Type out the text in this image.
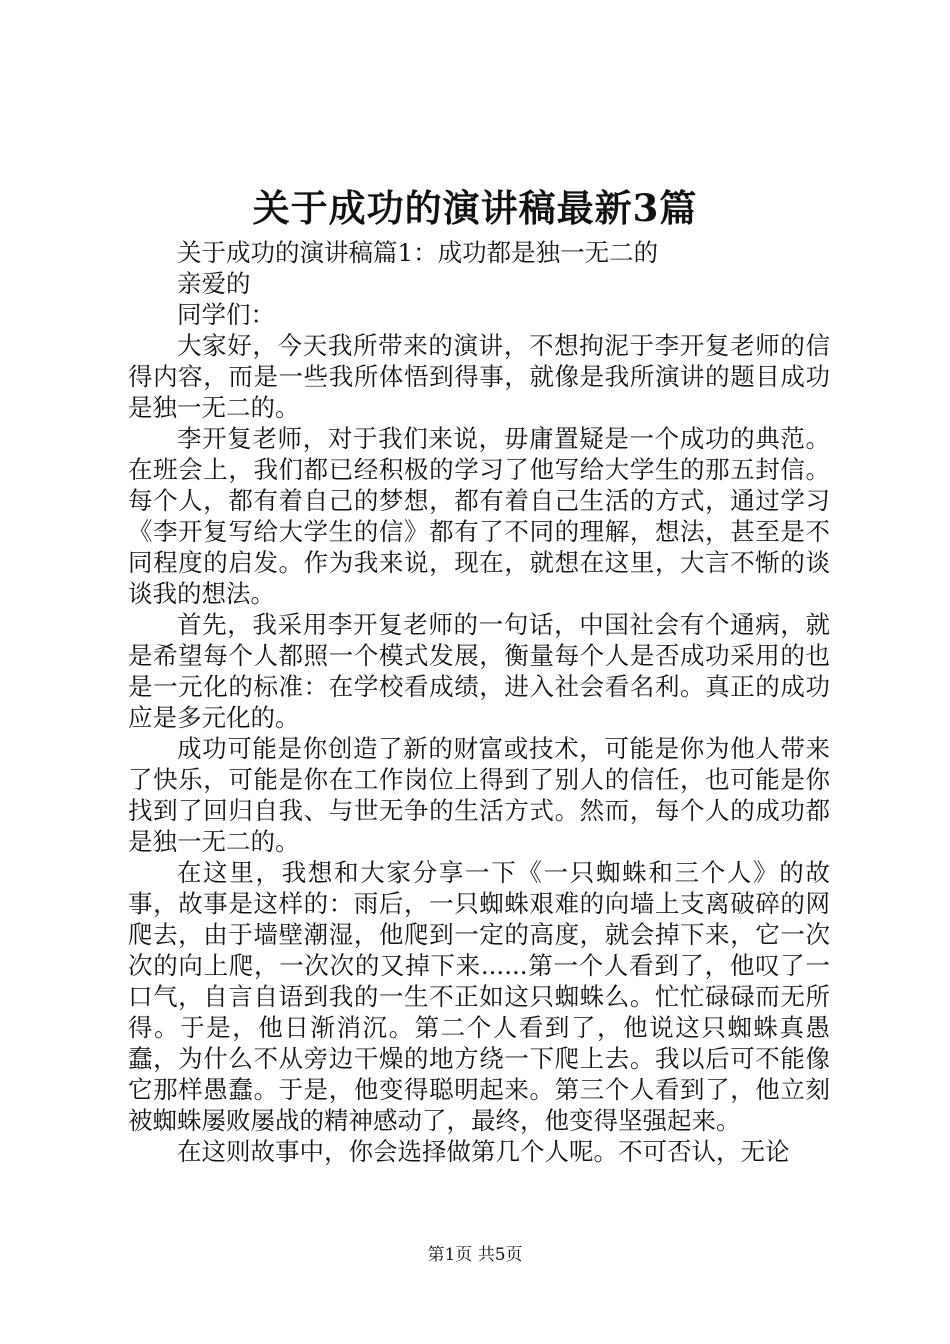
关于成功的演讲稿最新3篇

关于成功的演讲稿篇1：成功都是独一无二的

亲爱的

同学们：

大家好，今天我所带来的演讲，不想拘泥于李开复老师的信得内容，而是一些我所体悟到得事，就像是我所演讲的题目成功是独一无二的。

李开复老师，对于我们来说，毋庸置疑是一个成功的典范。在班会上，我们都已经积极的学习了他写给大学生的那五封信。每个人，都有着自己的梦想，都有着自己生活的方式，通过学习《李开复写给大学生的信》都有了不同的理解，想法，甚至是不同程度的启发。作为我来说，现在，就想在这里，大言不惭的谈谈我的想法。

首先，我采用李开复老师的一句话，中国社会有个通病，就是希望每个人都照一个模式发展，衡量每个人是否成功采用的也是一元化的标准：在学校看成绩，进入社会看名利。真正的成功应是多元化的。

成功可能是你创造了新的财富或技术，可能是你为他人带来了快乐，可能是你在工作岗位上得到了别人的信任，也可能是你找到了回归自我、与世无争的生活方式。然而，每个人的成功都是独一无二的。

在这里，我想和大家分享一下《一只蜘蛛和三个人》的故事，故事是这样的：雨后，一只蜘蛛艰难的向墙上支离破碎的网爬去，由于墙壁潮湿，他爬到一定的高度，就会掉下来，它一次次的向上爬，一次次的又掉下来......第一个人看到了，他叹了一口气，自言自语到我的一生不正如这只蜘蛛么。忙忙碌碌而无所得。于是，他日渐消沉。第二个人看到了，他说这只蜘蛛真愚蠢，为什么不从旁边干燥的地方绕一下爬上去。我以后可不能像它那样愚蠢。于是，他变得聪明起来。第三个人看到了，他立刻被蜘蛛屡败屡战的精神感动了，最终，他变得坚强起来。

在这则故事中，你会选择做第几个人呢。不可否认，无论

第1页 共5页
